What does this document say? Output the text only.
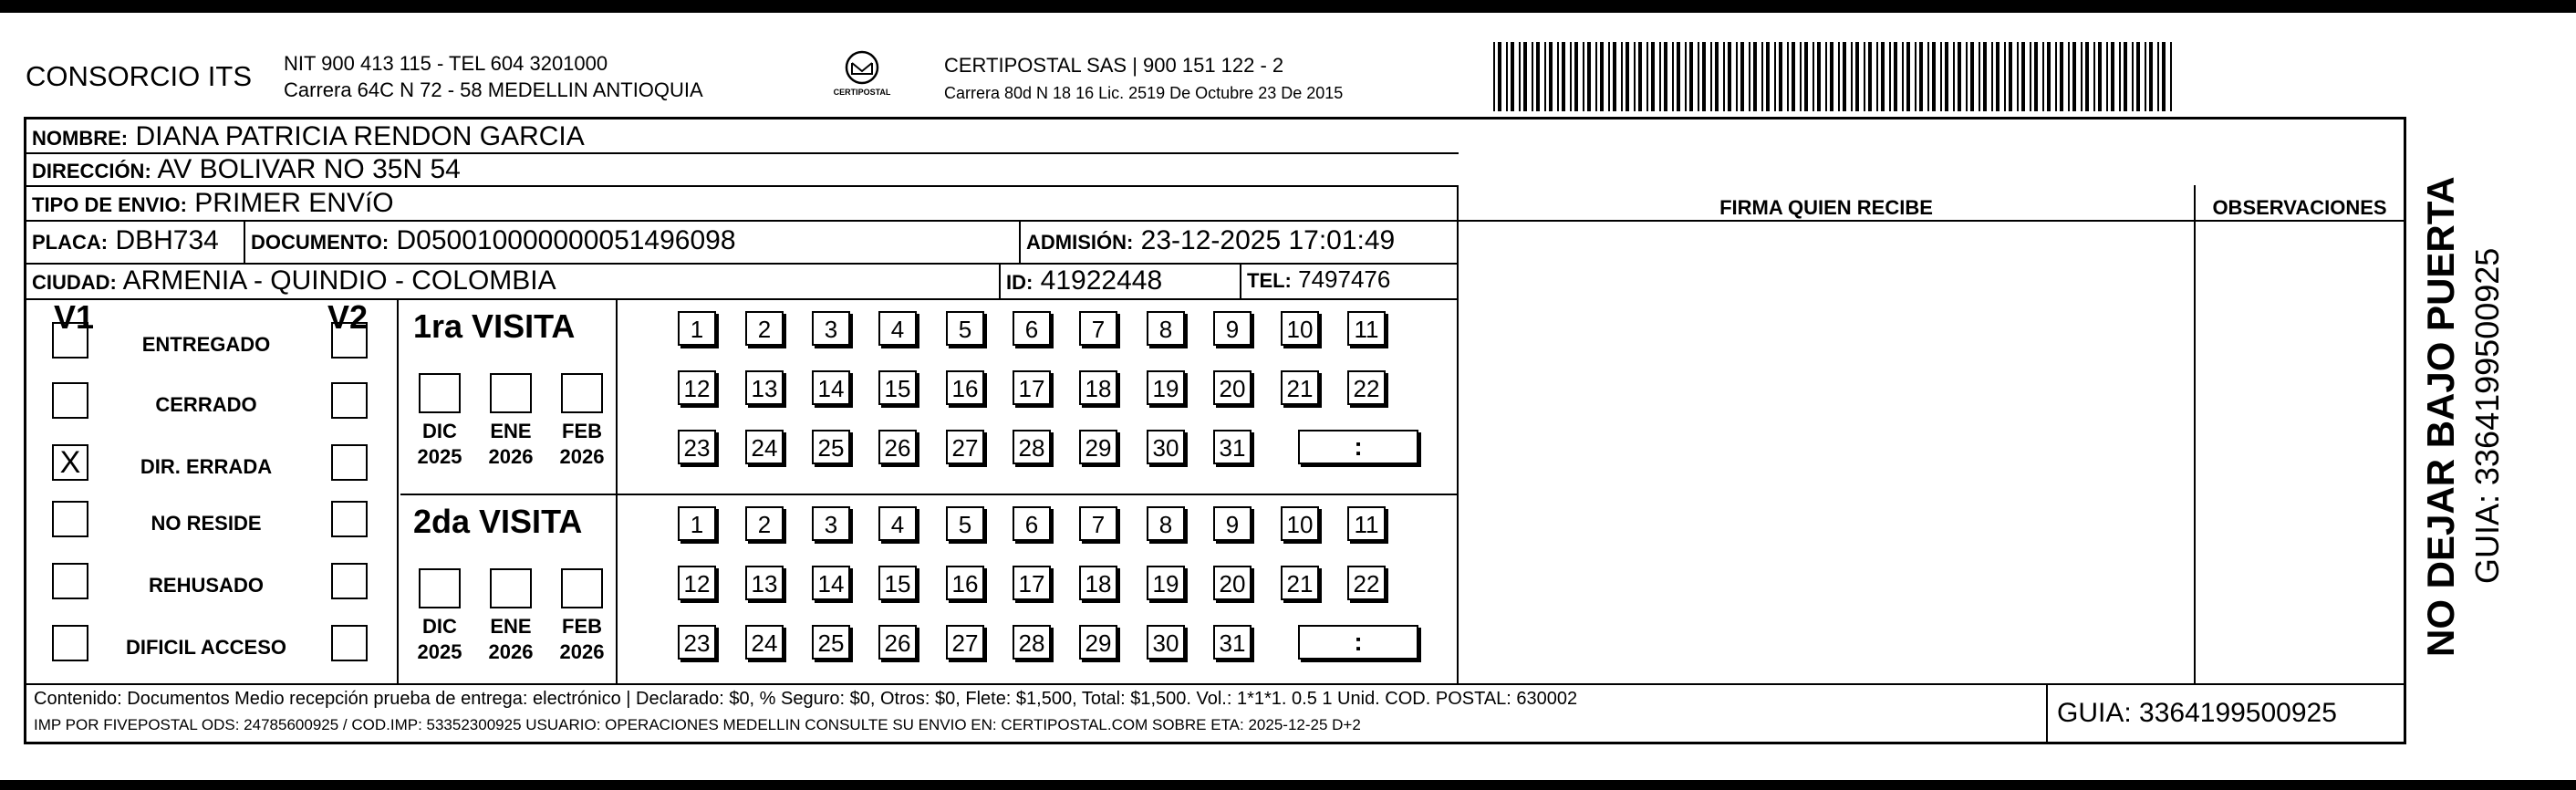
CONSORCIO ITS NIT 900 413 115 - TEL 604 3201000
Carrera 64C N 72 - 58 MEDELLIN ANTIOQUIA	CERTIPOSTAL
CERTIPOSTAL SAS | 900 151 122 - 2
Carrera 80d N 18 16 Lic. 2519 De Octubre 23 De 2015
NOMBRE: DIANA PATRICIA RENDON GARCIA
DIRECCIÓN: AV BOLIVAR NO 35N 54
TIPO DE ENVIO: PRIMER ENVíO	FIRMA QUIEN RECIBE	OBSERVACIONES
PLACA: DBH734 DOCUMENTO: D050010000000051496098	ADMISIÓN: 23-12-2025 17:01:49
CIUDAD: ARMENIA - QUINDIO - COLOMBIA	ID: 41922448	TEL: 7497476
V1	V2
ENTREGADO
CERRADO
X	DIR. ERRADA
NO RESIDE
REHUSADO
DIFICIL ACCESO
1ra VISITA
DIC
2025
ENE
2026
FEB
2026
1	2	3	4	5	6	7	8	9	10 11
12 13 14 15 16 17 18 19 20 21 22
23 24 25 26 27 28 29 30 31	:
2da VISITA
DIC
2025
ENE
2026
FEB
2026
1	2	3	4	5	6	7	8	9	10 11
12 13 14 15 16 17 18 19 20 21 22
23 24 25 26 27 28 29 30 31	:
Contenido: Documentos Medio recepción prueba de entrega: electrónico | Declarado: $0, % Seguro: $0, Otros: $0, Flete: $1,500, Total: $1,500. Vol.: 1*1*1. 0.5 1 Unid. COD. POSTAL: 630002
IMP POR FIVEPOSTAL ODS: 24785600925 / COD.IMP: 53352300925 USUARIO: OPERACIONES MEDELLIN CONSULTE SU ENVIO EN: CERTIPOSTAL.COM SOBRE ETA: 2025-12-25 D+2	GUIA: 3364199500925
NO DEJAR BAJO PUERTA GUIA: 3364199500925
